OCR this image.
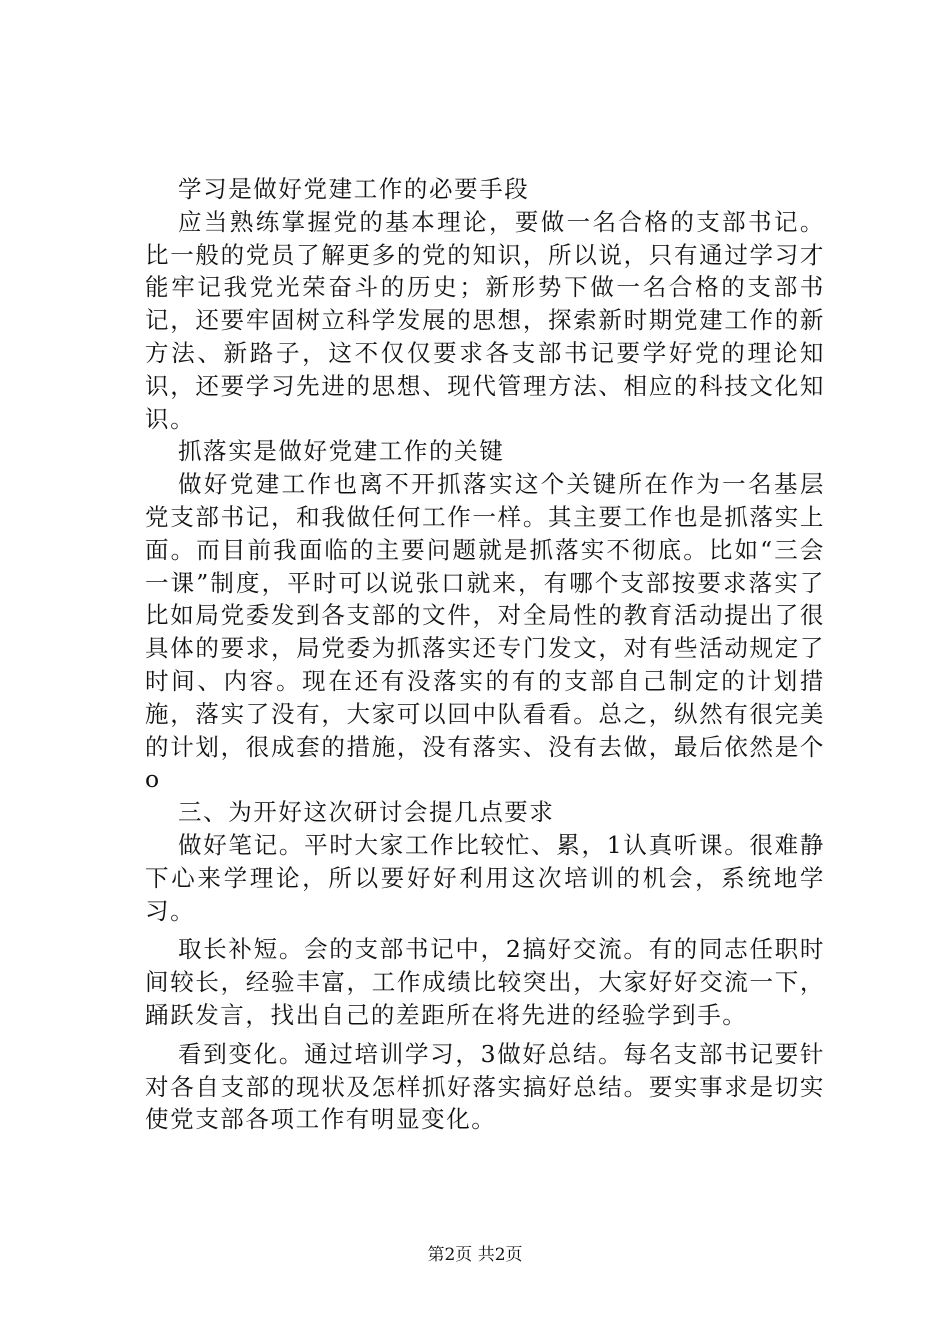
学习是做好党建工作的必要手段

应当熟练掌握党的基本理论，要做一名合格的支部书记。比一般的党员了解更多的党的知识，所以说，只有通过学习才能牢记我党光荣奋斗的历史；新形势下做一名合格的支部书记，还要牢固树立科学发展的思想，探索新时期党建工作的新方法、新路子，这不仅仅要求各支部书记要学好党的理论知识，还要学习先进的思想、现代管理方法、相应的科技文化知识。

抓落实是做好党建工作的关键

做好党建工作也离不开抓落实这个关键所在作为一名基层党支部书记，和我做任何工作一样。其主要工作也是抓落实上面。而目前我面临的主要问题就是抓落实不彻底。比如“三会一课”制度，平时可以说张口就来，有哪个支部按要求落实了比如局党委发到各支部的文件，对全局性的教育活动提出了很具体的要求，局党委为抓落实还专门发文，对有些活动规定了时间、内容。现在还有没落实的有的支部自己制定的计划措施，落实了没有，大家可以回中队看看。总之，纵然有很完美的计划，很成套的措施，没有落实、没有去做，最后依然是个o

三、为开好这次研讨会提几点要求

做好笔记。平时大家工作比较忙、累，1认真听课。很难静下心来学理论，所以要好好利用这次培训的机会，系统地学习。

取长补短。会的支部书记中，2搞好交流。有的同志任职时间较长，经验丰富，工作成绩比较突出，大家好好交流一下，踊跃发言，找出自己的差距所在将先进的经验学到手。

看到变化。通过培训学习，3做好总结。每名支部书记要针对各自支部的现状及怎样抓好落实搞好总结。要实事求是切实使党支部各项工作有明显变化。

第2页 共2页
